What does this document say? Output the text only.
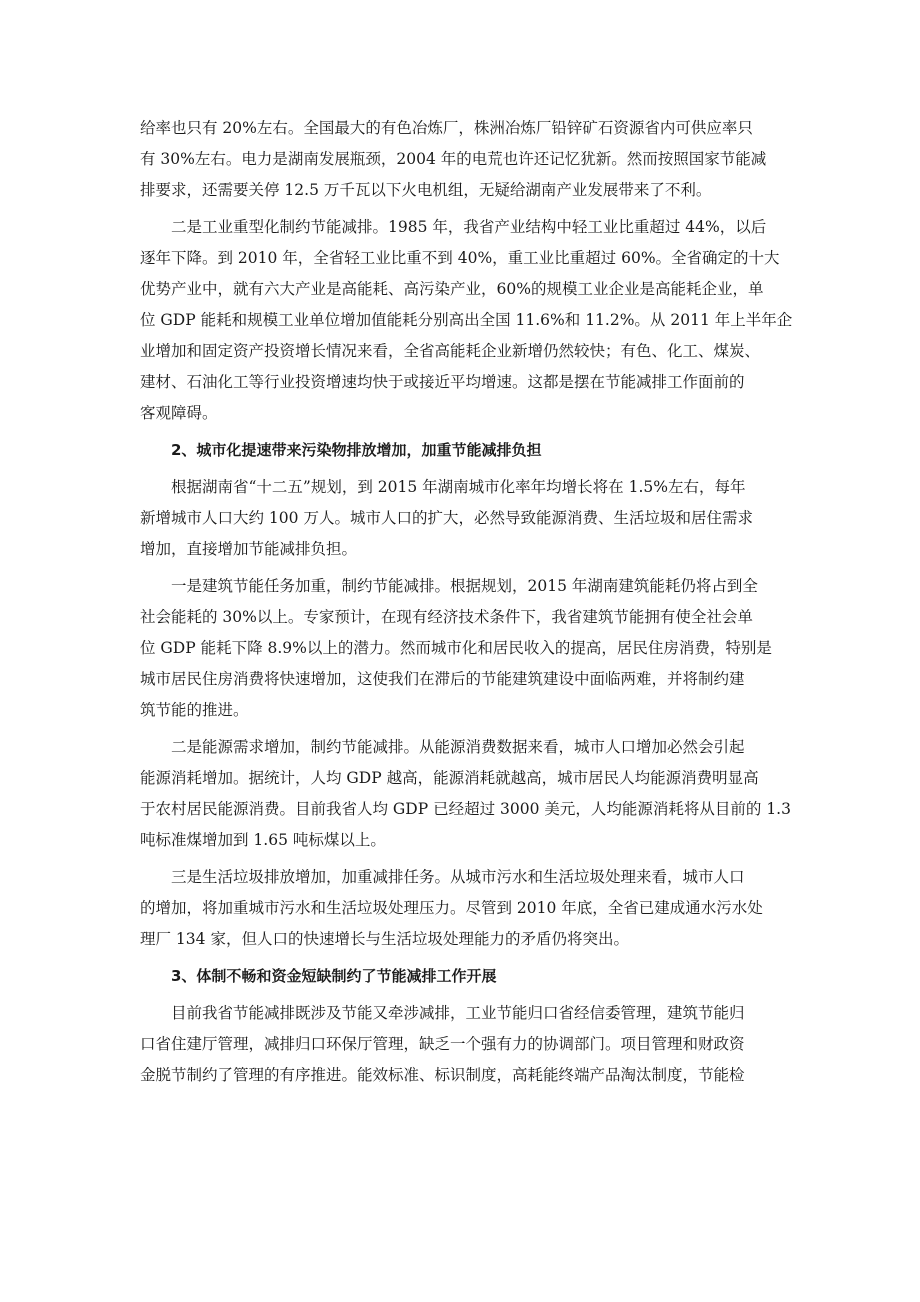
给率也只有 20%左右。全国最大的有色冶炼厂，株洲冶炼厂铅锌矿石资源省内可供应率只
有 30%左右。电力是湖南发展瓶颈，2004 年的电荒也许还记忆犹新。然而按照国家节能减
排要求，还需要关停 12.5 万千瓦以下火电机组，无疑给湖南产业发展带来了不利。
二是工业重型化制约节能减排。1985 年，我省产业结构中轻工业比重超过 44%，以后
逐年下降。到 2010 年，全省轻工业比重不到 40%，重工业比重超过 60%。全省确定的十大
优势产业中，就有六大产业是高能耗、高污染产业，60%的规模工业企业是高能耗企业，单
位 GDP 能耗和规模工业单位增加值能耗分别高出全国 11.6%和 11.2%。从 2011 年上半年企
业增加和固定资产投资增长情况来看，全省高能耗企业新增仍然较快；有色、化工、煤炭、
建材、石油化工等行业投资增速均快于或接近平均增速。这都是摆在节能减排工作面前的
客观障碍。
2、城市化提速带来污染物排放增加，加重节能减排负担
根据湖南省“十二五”规划，到 2015 年湖南城市化率年均增长将在 1.5%左右，每年
新增城市人口大约 100 万人。城市人口的扩大，必然导致能源消费、生活垃圾和居住需求
增加，直接增加节能减排负担。
一是建筑节能任务加重，制约节能减排。根据规划，2015 年湖南建筑能耗仍将占到全
社会能耗的 30%以上。专家预计，在现有经济技术条件下，我省建筑节能拥有使全社会单
位 GDP 能耗下降 8.9%以上的潜力。然而城市化和居民收入的提高，居民住房消费，特别是
城市居民住房消费将快速增加，这使我们在滞后的节能建筑建设中面临两难，并将制约建
筑节能的推进。
二是能源需求增加，制约节能减排。从能源消费数据来看，城市人口增加必然会引起
能源消耗增加。据统计，人均 GDP 越高，能源消耗就越高，城市居民人均能源消费明显高
于农村居民能源消费。目前我省人均 GDP 已经超过 3000 美元，人均能源消耗将从目前的 1.3
吨标准煤增加到 1.65 吨标煤以上。
三是生活垃圾排放增加，加重减排任务。从城市污水和生活垃圾处理来看，城市人口
的增加，将加重城市污水和生活垃圾处理压力。尽管到 2010 年底，全省已建成通水污水处
理厂 134 家，但人口的快速增长与生活垃圾处理能力的矛盾仍将突出。
3、体制不畅和资金短缺制约了节能减排工作开展
目前我省节能减排既涉及节能又牵涉减排，工业节能归口省经信委管理，建筑节能归
口省住建厅管理，减排归口环保厅管理，缺乏一个强有力的协调部门。项目管理和财政资
金脱节制约了管理的有序推进。能效标准、标识制度，高耗能终端产品淘汰制度，节能检
